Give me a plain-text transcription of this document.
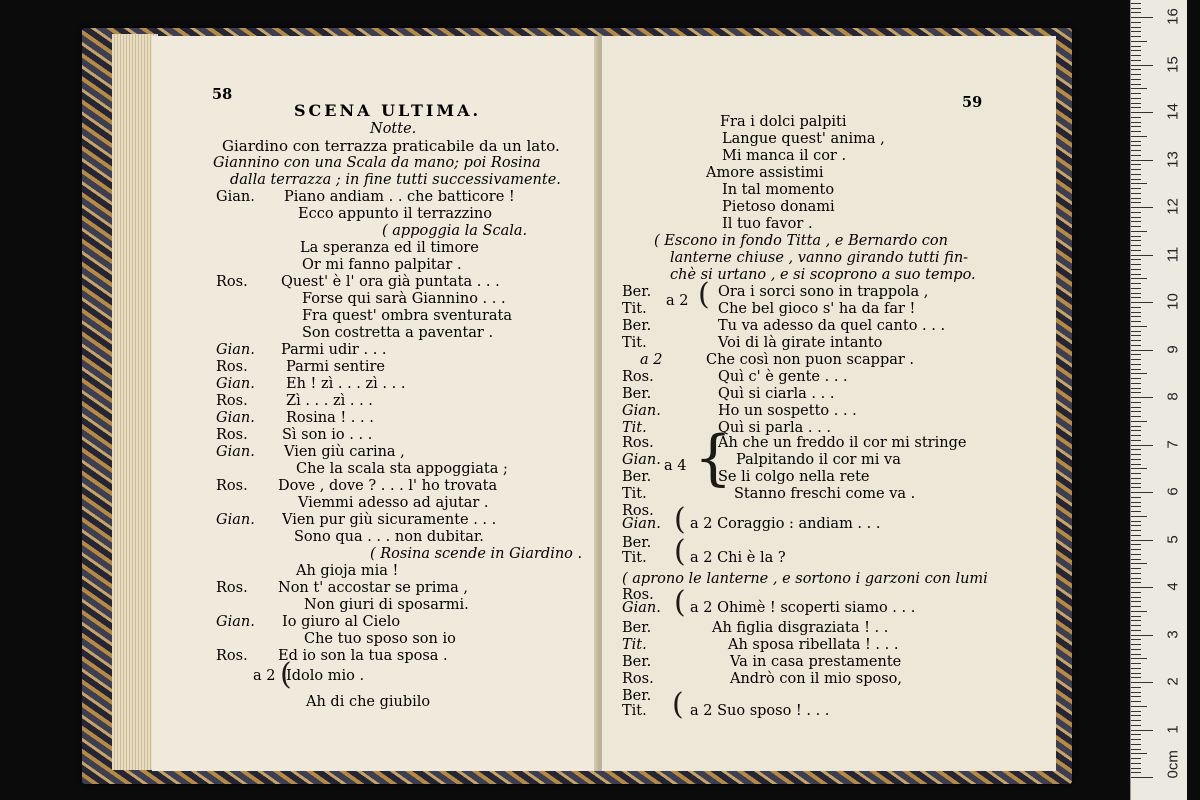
58
SCENA ULTIMA.
Notte.
Giardino con terrazza praticabile da un lato.
Giannino con una Scala da mano; poi Rosina
dalla terrazza ; in fine tutti successivamente.
Gian. Piano andiam . . che batticore !
Ecco appunto il terrazzino
( appoggia la Scala.
La speranza ed il timore
Or mi fanno palpitar .
Ros. Quest' è l' ora già puntata . . .
Forse qui sarà Giannino . . .
Fra quest' ombra sventurata
Son costretta a paventar .
Gian. Parmi udir . . .
Ros.	Parmi sentire
Gian. Eh ! zì . . . zì . . .
Ros.	Zì . . . zì . . .
Gian. Rosina ! . . .
Ros. Sì son io . . .
Gian. Vien giù carina ,
Che la scala sta appoggiata ;
Ros. Dove , dove ? . . . l' ho trovata
Viemmi adesso ad ajutar .
Gian. Vien pur giù sicuramente . . .
Sono qua . . . non dubitar.
( Rosina scende in Giardino .
Ah gioja mia !
Ros. Non t' accostar se prima ,
Non giuri di sposarmi.
Gian. Io giuro al Cielo
Che tuo sposo son io
Ros. Ed io son la tua sposa .
a 2 Idolo mio .
Ah di che giubilo
(
59
Fra i dolci palpiti
Langue quest' anima ,
Mi manca il cor .
Amore assistimi
In tal momento
Pietoso donami
Il tuo favor .
( Escono in fondo Titta , e Bernardo con
lanterne chiuse , vanno girando tutti fin-
chè si urtano , e si scoprono a suo tempo.
Ber.	Ora i sorci sono in trappola ,
Tit.	Che bel gioco s' ha da far !
Ber.	Tu va adesso da quel canto . . .
Tit.	Voi di là girate intanto
a 2	Che così non puon scappar .
Ros.	Quì c' è gente . . .
Ber.	Quì si ciarla . . .
Gian.	Ho un sospetto . . .
Tit.	Quì si parla . . .
Ros.	Ah che un freddo il cor mi stringe
Gian.	Palpitando il cor mi va
Ber.	Se li colgo nella rete
Tit.	Stanno freschi come va .
Ros.
Gian. a 2 Coraggio : andiam . . .
Ber.
Tit.	a 2 Chi è la ?
( aprono le lanterne , e sortono i garzoni con lumi
Ros.
Gian. a 2 Ohimè ! scoperti siamo . . .
Ber.	Ah figlia disgraziata ! . .
Tit.	Ah sposa ribellata ! . . .
Ber.	Va in casa prestamente
Ros.	Andrò con il mio sposo,
Ber.
Tit.	a 2 Suo sposo ! . . .
a 2 (
a 4 {
(
(
(
(
0cm
1
2
3
4
5
6
7
8
9
10
11
12
13
14
15
16
